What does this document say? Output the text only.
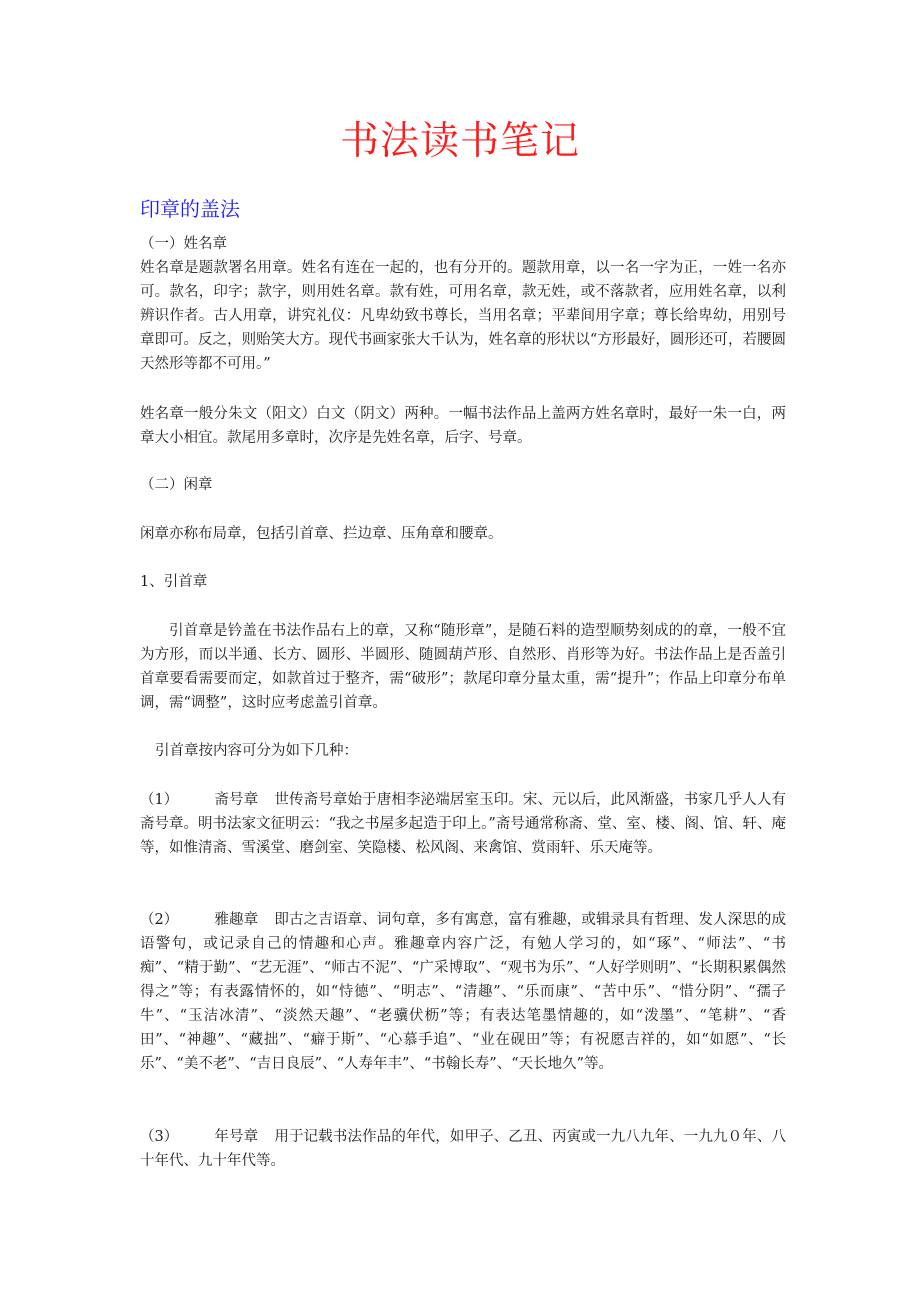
书法读书笔记
印章的盖法
（一）姓名章
姓名章是题款署名用章。姓名有连在一起的，也有分开的。题款用章，以一名一字为正，一姓一名亦可。款名，印字；款字，则用姓名章。款有姓，可用名章，款无姓，或不落款者，应用姓名章，以利辨识作者。古人用章，讲究礼仪：凡卑幼致书尊长，当用名章；平辈间用字章；尊长给卑幼，用别号章即可。反之，则贻笑大方。现代书画家张大千认为，姓名章的形状以“方形最好，圆形还可，若腰圆天然形等都不可用。”
姓名章一般分朱文（阳文）白文（阴文）两种。一幅书法作品上盖两方姓名章时，最好一朱一白，两章大小相宜。款尾用多章时，次序是先姓名章，后字、号章。
（二）闲章
闲章亦称布局章，包括引首章、拦边章、压角章和腰章。
1、引首章
引首章是钤盖在书法作品右上的章，又称“随形章”，是随石料的造型顺势刻成的的章，一般不宜为方形，而以半通、长方、圆形、半圆形、随圆葫芦形、自然形、肖形等为好。书法作品上是否盖引首章要看需要而定，如款首过于整齐，需“破形”；款尾印章分量太重，需“提升”；作品上印章分布单调，需“调整”，这时应考虑盖引首章。
引首章按内容可分为如下几种：
（1） 斋号章 世传斋号章始于唐相李泌端居室玉印。宋、元以后，此风渐盛，书家几乎人人有斋号章。明书法家文征明云：“我之书屋多起造于印上。”斋号通常称斋、堂、室、楼、阁、馆、轩、庵等，如惟清斋、雪溪堂、磨剑室、笑隐楼、松风阁、来禽馆、赏雨轩、乐天庵等。
（2） 雅趣章 即古之吉语章、词句章，多有寓意，富有雅趣，或辑录具有哲理、发人深思的成语警句，或记录自己的情趣和心声。雅趣章内容广泛，有勉人学习的，如“琢”、“师法”、“书痴”、“精于勤”、“艺无涯”、“师古不泥”、“广采博取”、“观书为乐”、“人好学则明”、“长期积累偶然得之”等；有表露情怀的，如“恃德”、“明志”、“清趣”、“乐而康”、“苦中乐”、“惜分阴”、“孺子牛”、“玉洁冰清”、“淡然天趣”、“老骥伏枥”等；有表达笔墨情趣的，如“泼墨”、“笔耕”、“香田”、“神趣”、“藏拙”、“癖于斯”、“心慕手追”、“业在砚田”等；有祝愿吉祥的，如“如愿”、“长乐”、“美不老”、“吉日良辰”、“人寿年丰”、“书翰长寿”、“天长地久”等。
（3） 年号章 用于记载书法作品的年代，如甲子、乙丑、丙寅或一九八九年、一九九０年、八十年代、九十年代等。
